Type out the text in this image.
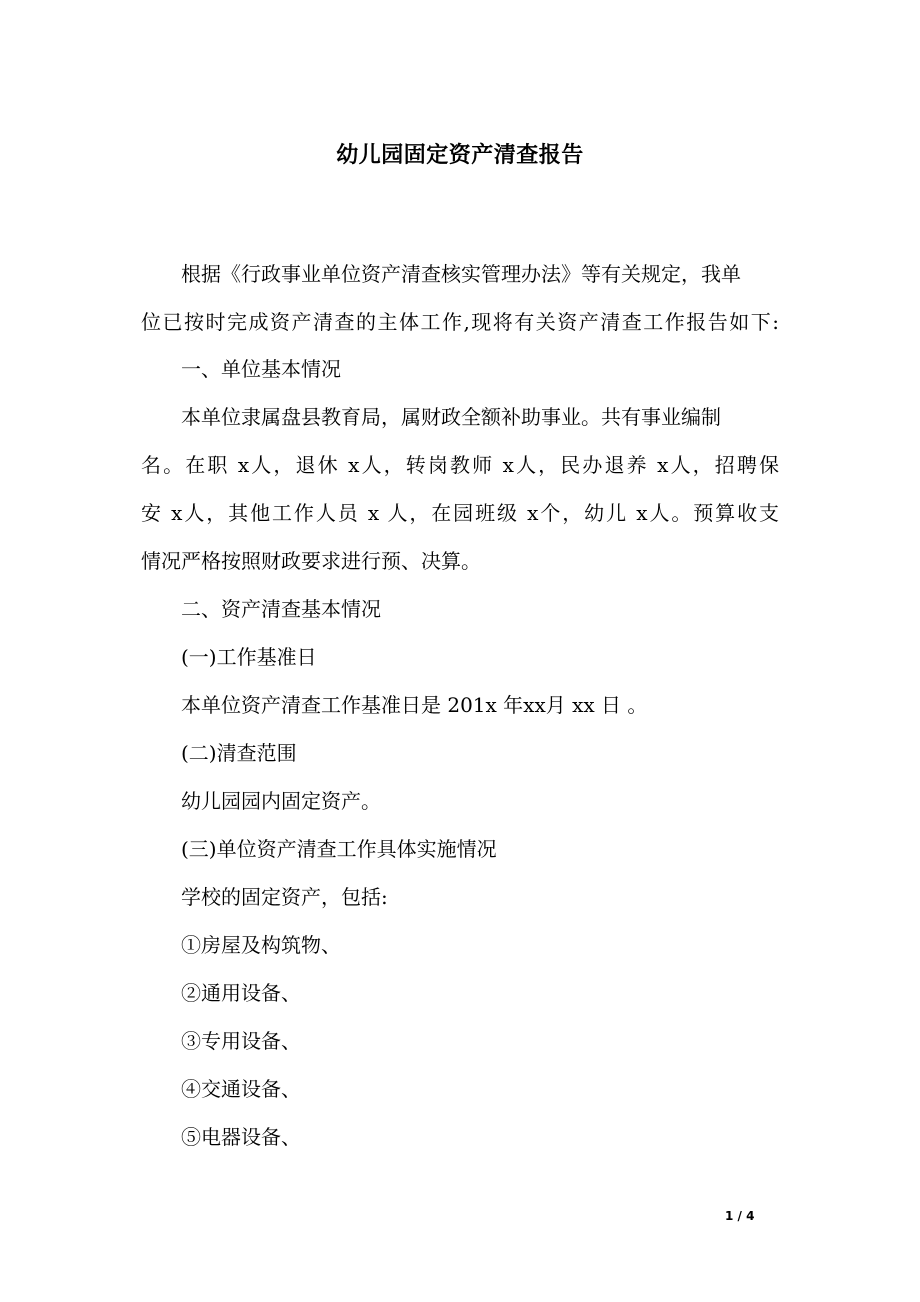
幼儿园固定资产清查报告
根据《行政事业单位资产清查核实管理办法》等有关规定，我单
位已按时完成资产清查的主体工作,现将有关资产清查工作报告如下:
一、单位基本情况
本单位隶属盘县教育局，属财政全额补助事业。共有事业编制
名。在职 x人，退休 x人，转岗教师 x人，民办退养 x人，招聘保
安 x人，其他工作人员 x 人，在园班级 x个，幼儿 x人。预算收支
情况严格按照财政要求进行预、决算。
二、资产清查基本情况
(一)工作基准日
本单位资产清查工作基准日是 201x 年xx月 xx 日 。
(二)清查范围
幼儿园园内固定资产。
(三)单位资产清查工作具体实施情况
学校的固定资产，包括:
①房屋及构筑物、
②通用设备、
③专用设备、
④交通设备、
⑤电器设备、
1 / 4
